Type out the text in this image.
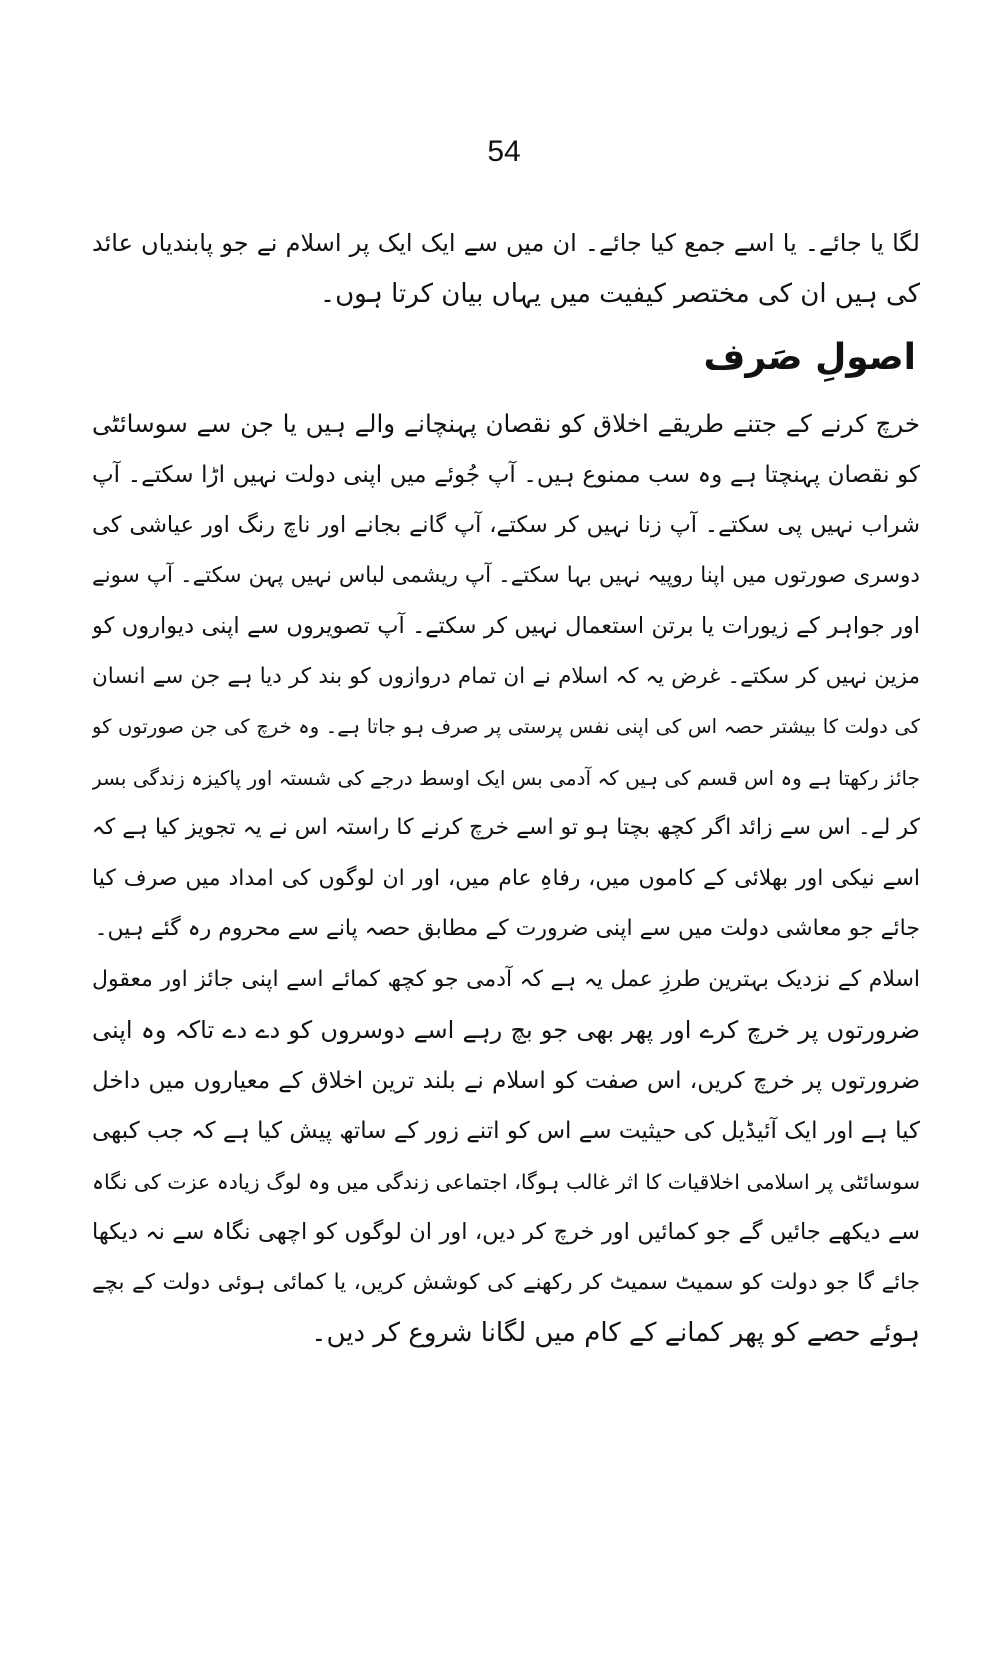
54
لگا یا جائے۔ یا اسے جمع کیا جائے۔ ان میں سے ایک ایک پر اسلام نے جو پابندیاں عائد
کی ہیں ان کی مختصر کیفیت میں یہاں بیان کرتا ہوں۔
اصولِ صَرف
خرچ کرنے کے جتنے طریقے اخلاق کو نقصان پہنچانے والے ہیں یا جن سے سوسائٹی
کو نقصان پہنچتا ہے وہ سب ممنوع ہیں۔ آپ جُوئے میں اپنی دولت نہیں اڑا سکتے۔ آپ
شراب نہیں پی سکتے۔ آپ زنا نہیں کر سکتے، آپ گانے بجانے اور ناچ رنگ اور عیاشی کی
دوسری صورتوں میں اپنا روپیہ نہیں بہا سکتے۔ آپ ریشمی لباس نہیں پہن سکتے۔ آپ سونے
اور جواہر کے زیورات یا برتن استعمال نہیں کر سکتے۔ آپ تصویروں سے اپنی دیواروں کو
مزین نہیں کر سکتے۔ غرض یہ کہ اسلام نے ان تمام دروازوں کو بند کر دیا ہے جن سے انسان
کی دولت کا بیشتر حصہ اس کی اپنی نفس پرستی پر صرف ہو جاتا ہے۔ وہ خرچ کی جن صورتوں کو
جائز رکھتا ہے وہ اس قسم کی ہیں کہ آدمی بس ایک اوسط درجے کی شستہ اور پاکیزہ زندگی بسر
کر لے۔ اس سے زائد اگر کچھ بچتا ہو تو اسے خرچ کرنے کا راستہ اس نے یہ تجویز کیا ہے کہ
اسے نیکی اور بھلائی کے کاموں میں، رفاہِ عام میں، اور ان لوگوں کی امداد میں صرف کیا
جائے جو معاشی دولت میں سے اپنی ضرورت کے مطابق حصہ پانے سے محروم رہ گئے ہیں۔
اسلام کے نزدیک بہترین طرزِ عمل یہ ہے کہ آدمی جو کچھ کمائے اسے اپنی جائز اور معقول
ضرورتوں پر خرچ کرے اور پھر بھی جو بچ رہے اسے دوسروں کو دے دے تاکہ وہ اپنی
ضرورتوں پر خرچ کریں، اس صفت کو اسلام نے بلند ترین اخلاق کے معیاروں میں داخل
کیا ہے اور ایک آئیڈیل کی حیثیت سے اس کو اتنے زور کے ساتھ پیش کیا ہے کہ جب کبھی
سوسائٹی پر اسلامی اخلاقیات کا اثر غالب ہوگا، اجتماعی زندگی میں وہ لوگ زیادہ عزت کی نگاہ
سے دیکھے جائیں گے جو کمائیں اور خرچ کر دیں، اور ان لوگوں کو اچھی نگاہ سے نہ دیکھا
جائے گا جو دولت کو سمیٹ سمیٹ کر رکھنے کی کوشش کریں، یا کمائی ہوئی دولت کے بچے
ہوئے حصے کو پھر کمانے کے کام میں لگانا شروع کر دیں۔
